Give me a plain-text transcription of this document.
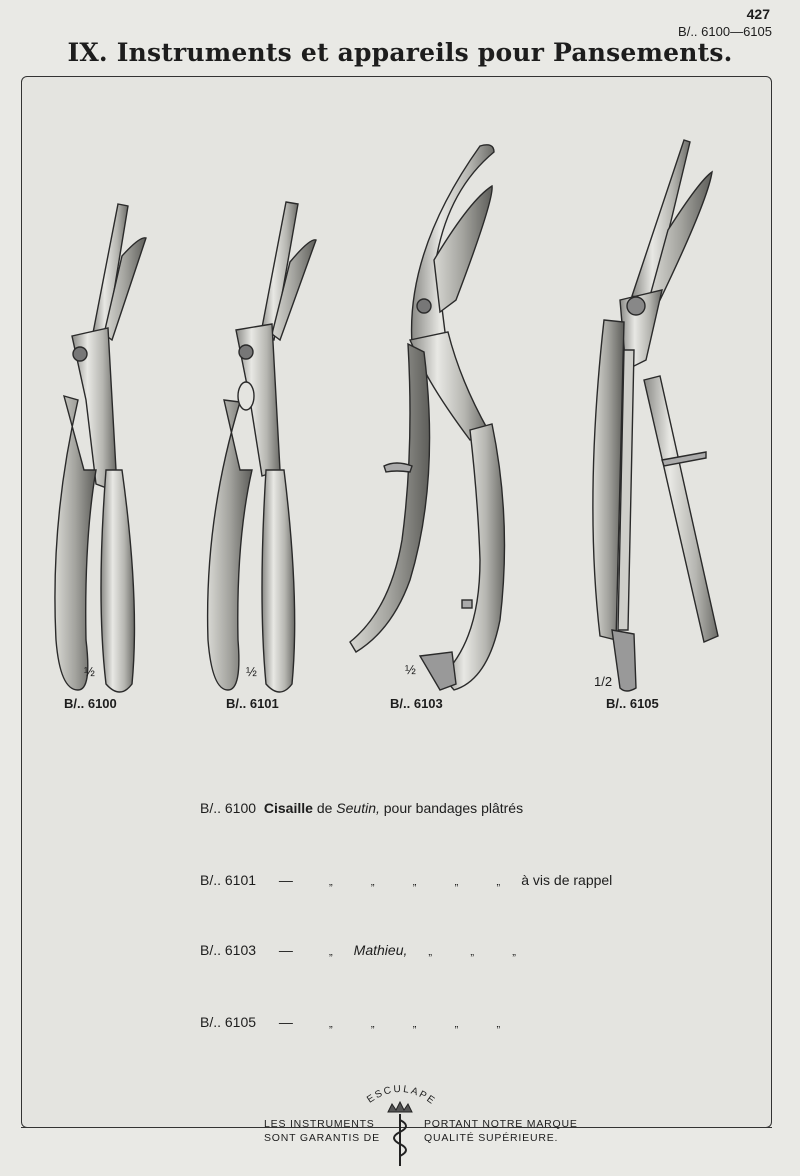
427
B/.. 6100—6105
IX. Instruments et appareils pour Pansements.
½
B/.. 6100
½
B/.. 6101
½
B/.. 6103
1/2
B/.. 6105
B/.. 6100 Cisaille de Seutin, pour bandages plâtrés
B/.. 6101 —	„	„	„	„	„ à vis de rappel
B/.. 6103 —	„ Mathieu, „	„	„
B/.. 6105 —	„	„	„	„	„
ESCULAPE
LES INSTRUMENTS
SONT GARANTIS DE
PORTANT NOTRE MARQUE
QUALITÉ SUPÉRIEURE.
